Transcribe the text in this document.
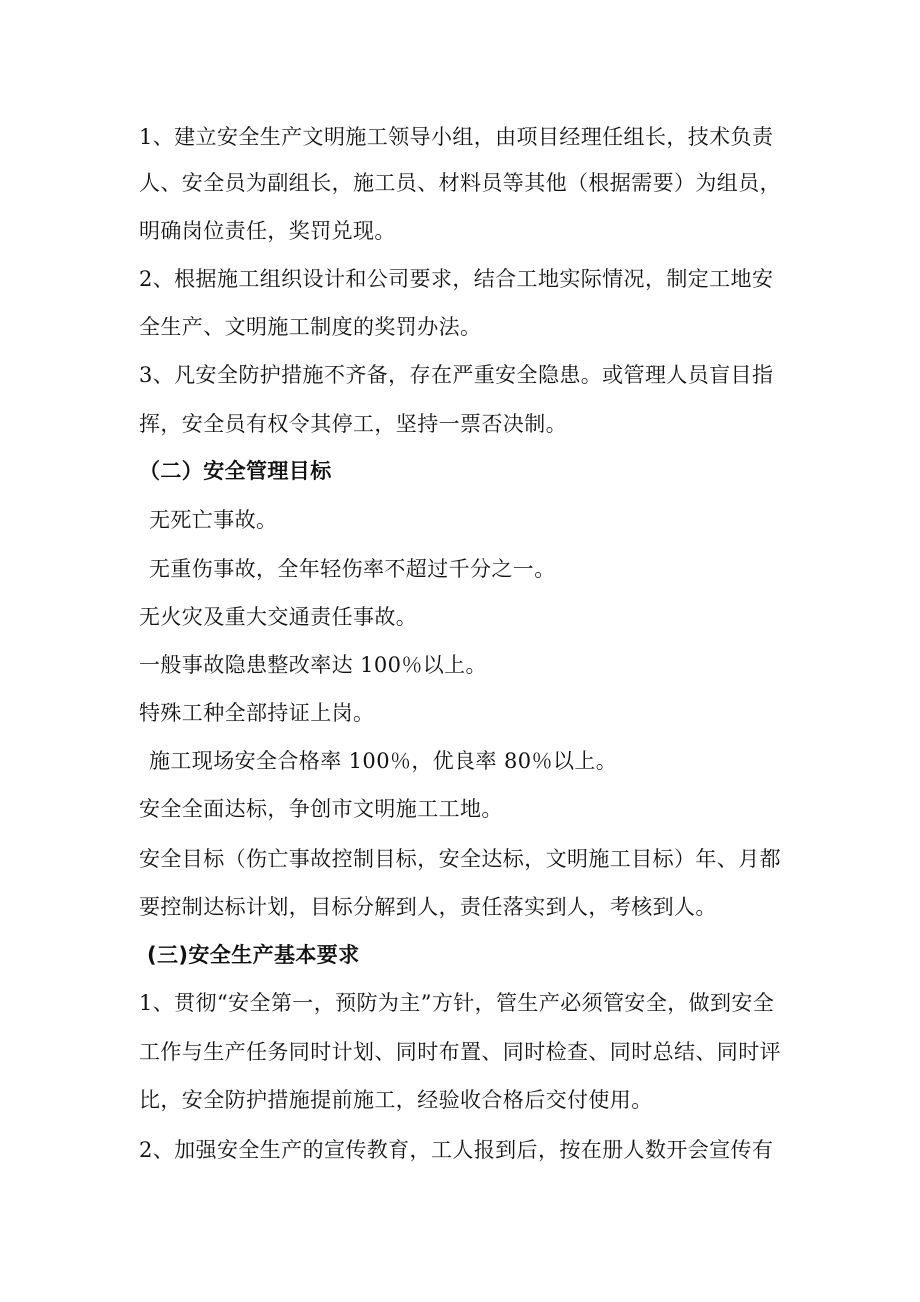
1、建立安全生产文明施工领导小组，由项目经理任组长，技术负责
人、安全员为副组长，施工员、材料员等其他（根据需要）为组员，
明确岗位责任，奖罚兑现。
2、根据施工组织设计和公司要求，结合工地实际情况，制定工地安
全生产、文明施工制度的奖罚办法。
3、凡安全防护措施不齐备，存在严重安全隐患。或管理人员盲目指
挥，安全员有权令其停工，坚持一票否决制。
（二）安全管理目标
无死亡事故。
无重伤事故，全年轻伤率不超过千分之一。
无火灾及重大交通责任事故。
一般事故隐患整改率达 100％以上。
特殊工种全部持证上岗。
施工现场安全合格率 100％，优良率 80％以上。
安全全面达标，争创市文明施工工地。
安全目标（伤亡事故控制目标，安全达标，文明施工目标）年、月都
要控制达标计划，目标分解到人，责任落实到人，考核到人。
(三)安全生产基本要求
1、贯彻“安全第一，预防为主”方针，管生产必须管安全，做到安全
工作与生产任务同时计划、同时布置、同时检查、同时总结、同时评
比，安全防护措施提前施工，经验收合格后交付使用。
2、加强安全生产的宣传教育，工人报到后，按在册人数开会宣传有
